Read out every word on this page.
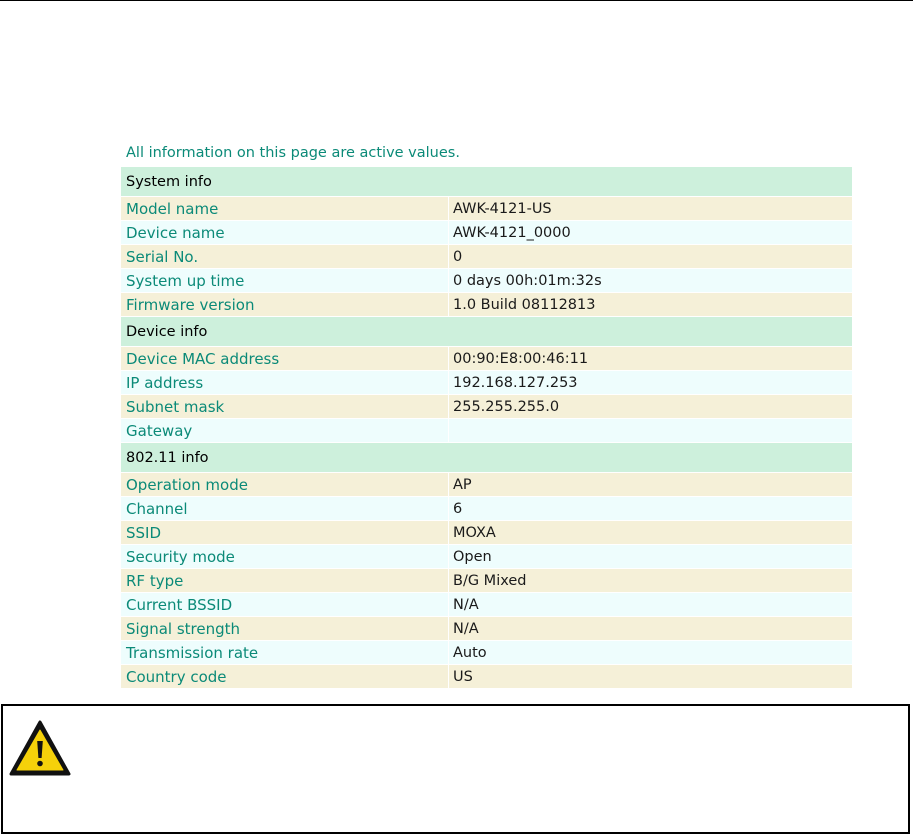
All information on this page are active values.
System info
Model name	AWK-4121-US
Device name	AWK-4121_0000
Serial No.	0
System up time	0 days 00h:01m:32s
Firmware version	1.0 Build 08112813
Device info
Device MAC address	00:90:E8:00:46:11
IP address	192.168.127.253
Subnet mask	255.255.255.0
Gateway
802.11 info
Operation mode	AP
Channel	6
SSID	MOXA
Security mode	Open
RF type	B/G Mixed
Current BSSID	N/A
Signal strength	N/A
Transmission rate	Auto
Country code	US
